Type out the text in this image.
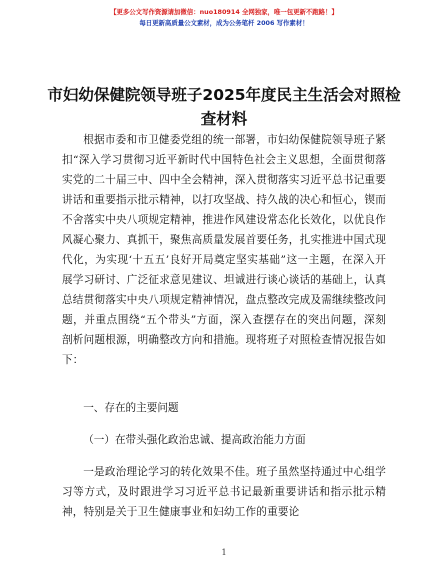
【更多公文写作资源请加微信：nuo180914 全网独家，唯一包更新不跑路！】
每日更新高质量公文素材，成为公务笔杆 2006 写作素材！
市妇幼保健院领导班子2025年度民主生活会对照检查材料

根据市委和市卫健委党组的统一部署，市妇幼保健院领导班子紧扣“深入学习贯彻习近平新时代中国特色社会主义思想，全面贯彻落实党的二十届三中、四中全会精神，深入贯彻落实习近平总书记重要讲话和重要指示批示精神，以打攻坚战、持久战的决心和恒心，锲而不舍落实中央八项规定精神，推进作风建设常态化长效化，以优良作风凝心聚力、真抓干，聚焦高质量发展首要任务，扎实推进中国式现代化，为实现‘十五五’良好开局奠定坚实基础”这一主题，在深入开展学习研讨、广泛征求意见建议、坦诚进行谈心谈话的基础上，认真总结贯彻落实中央八项规定精神情况，盘点整改完成及需继续整改问题，并重点围绕“五个带头”方面，深入查摆存在的突出问题，深刻剖析问题根源，明确整改方向和措施。现将班子对照检查情况报告如下：

一、存在的主要问题

（一）在带头强化政治忠诚、提高政治能力方面

一是政治理论学习的转化效果不佳。班子虽然坚持通过中心组学习等方式，及时跟进学习习近平总书记最新重要讲话和指示批示精神，特别是关于卫生健康事业和妇幼工作的重要论

1
